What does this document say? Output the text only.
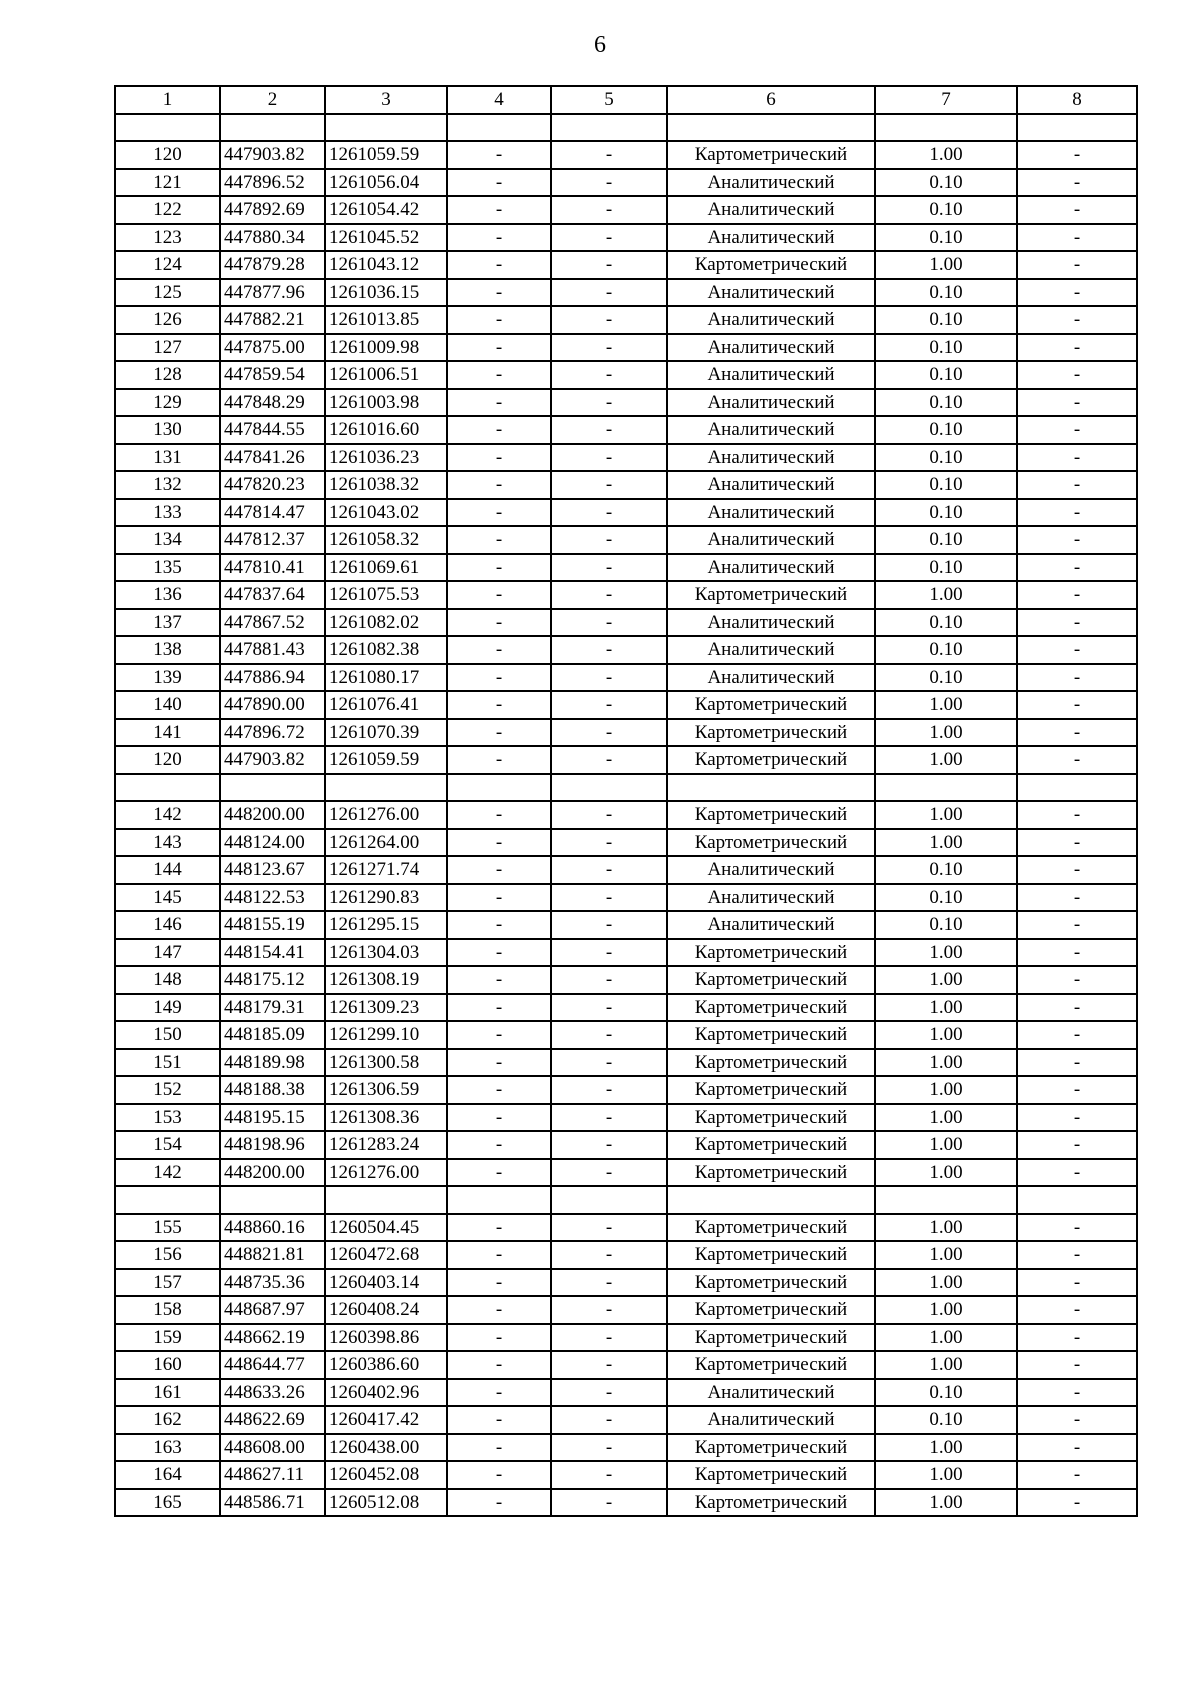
6
1	2	3	4	5	6	7	8

120	447903.82	1261059.59	-	-	Картометрический	1.00	-
121	447896.52	1261056.04	-	-	Аналитический	0.10	-
122	447892.69	1261054.42	-	-	Аналитический	0.10	-
123	447880.34	1261045.52	-	-	Аналитический	0.10	-
124	447879.28	1261043.12	-	-	Картометрический	1.00	-
125	447877.96	1261036.15	-	-	Аналитический	0.10	-
126	447882.21	1261013.85	-	-	Аналитический	0.10	-
127	447875.00	1261009.98	-	-	Аналитический	0.10	-
128	447859.54	1261006.51	-	-	Аналитический	0.10	-
129	447848.29	1261003.98	-	-	Аналитический	0.10	-
130	447844.55	1261016.60	-	-	Аналитический	0.10	-
131	447841.26	1261036.23	-	-	Аналитический	0.10	-
132	447820.23	1261038.32	-	-	Аналитический	0.10	-
133	447814.47	1261043.02	-	-	Аналитический	0.10	-
134	447812.37	1261058.32	-	-	Аналитический	0.10	-
135	447810.41	1261069.61	-	-	Аналитический	0.10	-
136	447837.64	1261075.53	-	-	Картометрический	1.00	-
137	447867.52	1261082.02	-	-	Аналитический	0.10	-
138	447881.43	1261082.38	-	-	Аналитический	0.10	-
139	447886.94	1261080.17	-	-	Аналитический	0.10	-
140	447890.00	1261076.41	-	-	Картометрический	1.00	-
141	447896.72	1261070.39	-	-	Картометрический	1.00	-
120	447903.82	1261059.59	-	-	Картометрический	1.00	-

142	448200.00	1261276.00	-	-	Картометрический	1.00	-
143	448124.00	1261264.00	-	-	Картометрический	1.00	-
144	448123.67	1261271.74	-	-	Аналитический	0.10	-
145	448122.53	1261290.83	-	-	Аналитический	0.10	-
146	448155.19	1261295.15	-	-	Аналитический	0.10	-
147	448154.41	1261304.03	-	-	Картометрический	1.00	-
148	448175.12	1261308.19	-	-	Картометрический	1.00	-
149	448179.31	1261309.23	-	-	Картометрический	1.00	-
150	448185.09	1261299.10	-	-	Картометрический	1.00	-
151	448189.98	1261300.58	-	-	Картометрический	1.00	-
152	448188.38	1261306.59	-	-	Картометрический	1.00	-
153	448195.15	1261308.36	-	-	Картометрический	1.00	-
154	448198.96	1261283.24	-	-	Картометрический	1.00	-
142	448200.00	1261276.00	-	-	Картометрический	1.00	-

155	448860.16	1260504.45	-	-	Картометрический	1.00	-
156	448821.81	1260472.68	-	-	Картометрический	1.00	-
157	448735.36	1260403.14	-	-	Картометрический	1.00	-
158	448687.97	1260408.24	-	-	Картометрический	1.00	-
159	448662.19	1260398.86	-	-	Картометрический	1.00	-
160	448644.77	1260386.60	-	-	Картометрический	1.00	-
161	448633.26	1260402.96	-	-	Аналитический	0.10	-
162	448622.69	1260417.42	-	-	Аналитический	0.10	-
163	448608.00	1260438.00	-	-	Картометрический	1.00	-
164	448627.11	1260452.08	-	-	Картометрический	1.00	-
165	448586.71	1260512.08	-	-	Картометрический	1.00	-
